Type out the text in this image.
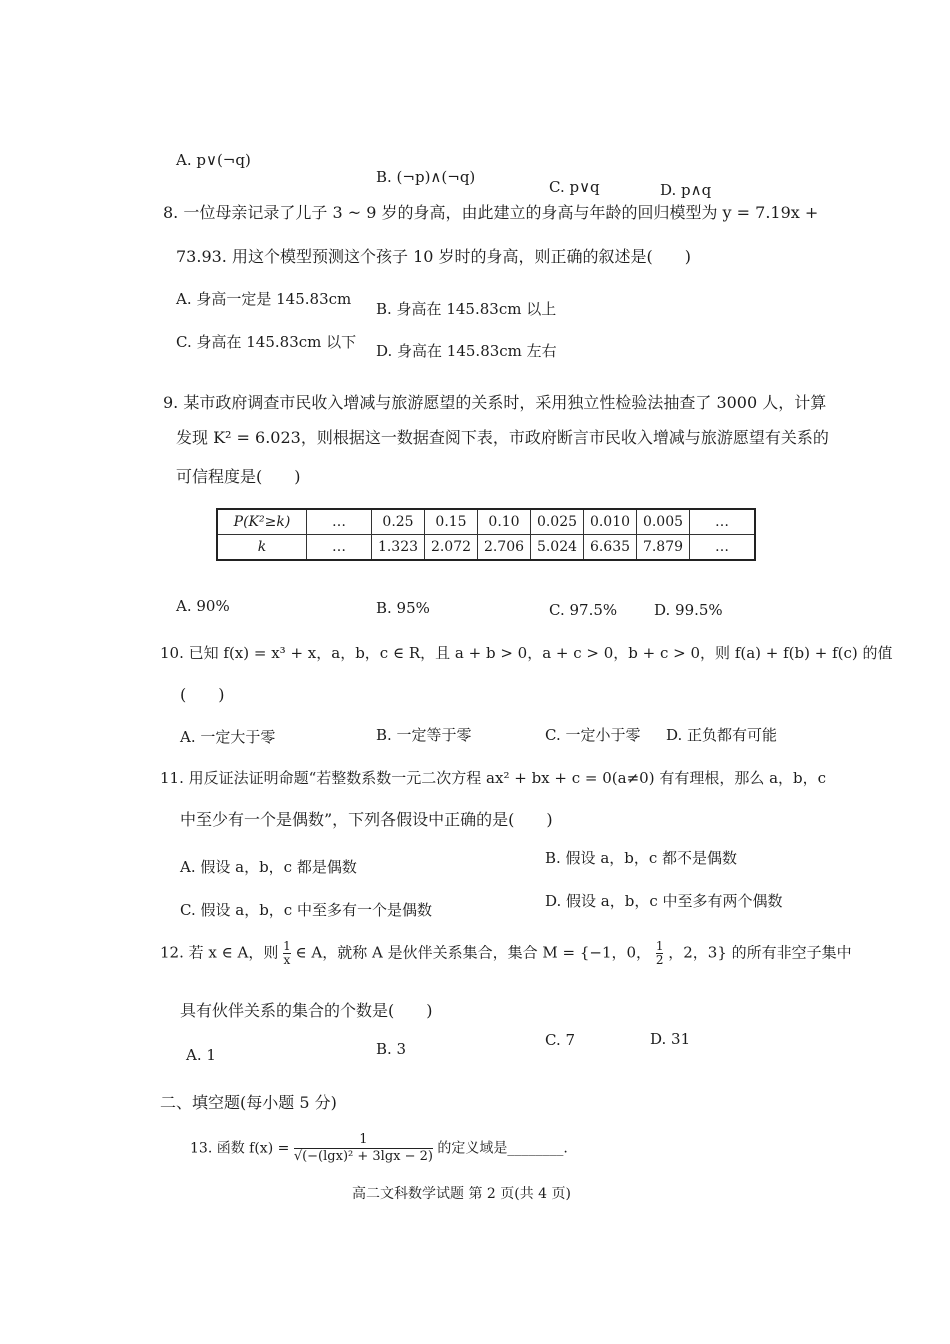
A. p∨(¬q)
B. (¬p)∧(¬q)
C. p∨q	D. p∧q
8. 一位母亲记录了儿子 3 ~ 9 岁的身高，由此建立的身高与年龄的回归模型为 y = 7.19x +
73.93. 用这个模型预测这个孩子 10 岁时的身高，则正确的叙述是(　　)
A. 身高一定是 145.83cm
B. 身高在 145.83cm 以上
C. 身高在 145.83cm 以下 D. 身高在 145.83cm 左右
9. 某市政府调查市民收入增减与旅游愿望的关系时，采用独立性检验法抽查了 3000 人，计算
发现 K² = 6.023，则根据这一数据查阅下表，市政府断言市民收入增减与旅游愿望有关系的
可信程度是(　　)
P(K²≥k)	…	0.25	0.15	0.10	0.025	0.010	0.005	…
k	…	1.323	2.072	2.706	5.024	6.635	7.879	…
A. 90%	B. 95%	C. 97.5% D. 99.5%
10. 已知 f(x) = x³ + x，a，b，c ∈ R，且 a + b > 0，a + c > 0，b + c > 0，则 f(a) + f(b) + f(c) 的值
(　　)
A. 一定大于零	B. 一定等于零	C. 一定小于零 D. 正负都有可能
11. 用反证法证明命题“若整数系数一元二次方程 ax² + bx + c = 0(a≠0) 有有理根，那么 a，b，c
中至少有一个是偶数”，下列各假设中正确的是(　　)
A. 假设 a，b，c 都是偶数	B. 假设 a，b，c 都不是偶数
C. 假设 a，b，c 中至多有一个是偶数	D. 假设 a，b，c 中至多有两个偶数
12. 若 x ∈ A，则 $\frac{1}{x}$ ∈ A，就称 A 是伙伴关系集合，集合 M = {−1，0， $\frac{1}{2}$ ，2，3} 的所有非空子集中
具有伙伴关系的集合的个数是(　　)
A. 1	B. 3	C. 7	D. 31
二、填空题(每小题 5 分)
13. 函数 $f(x) = \frac{1}{\text{√(−(lgx)² + 3lgx − 2)}}$ 的定义域是________.
高二文科数学试题 第 2 页(共 4 页)
